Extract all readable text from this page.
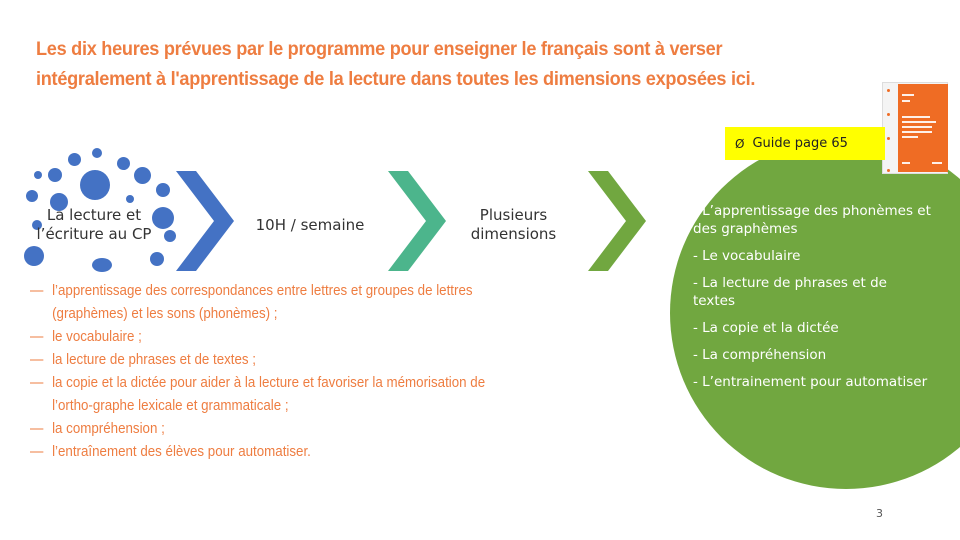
Les dix heures prévues par le programme pour enseigner le français sont à verser
intégralement à l'apprentissage de la lecture dans toutes les dimensions exposées ici.
La lecture et
l’écriture au CP	10H / semaine
Plusieurs
dimensions
Ø Guide page 65
- L’apprentissage des phonèmes et des graphèmes
- Le vocabulaire
- La lecture de phrases et de textes
- La copie et la dictée
- La compréhension
- L’entrainement pour automatiser
— l’apprentissage des correspondances entre lettres et groupes de lettres (graphèmes) et les sons (phonèmes) ;
— le vocabulaire ;
— la lecture de phrases et de textes ;
— la copie et la dictée pour aider à la lecture et favoriser la mémorisation de l’ortho-graphe lexicale et grammaticale ;
— la compréhension ;
— l’entraînement des élèves pour automatiser.
3
